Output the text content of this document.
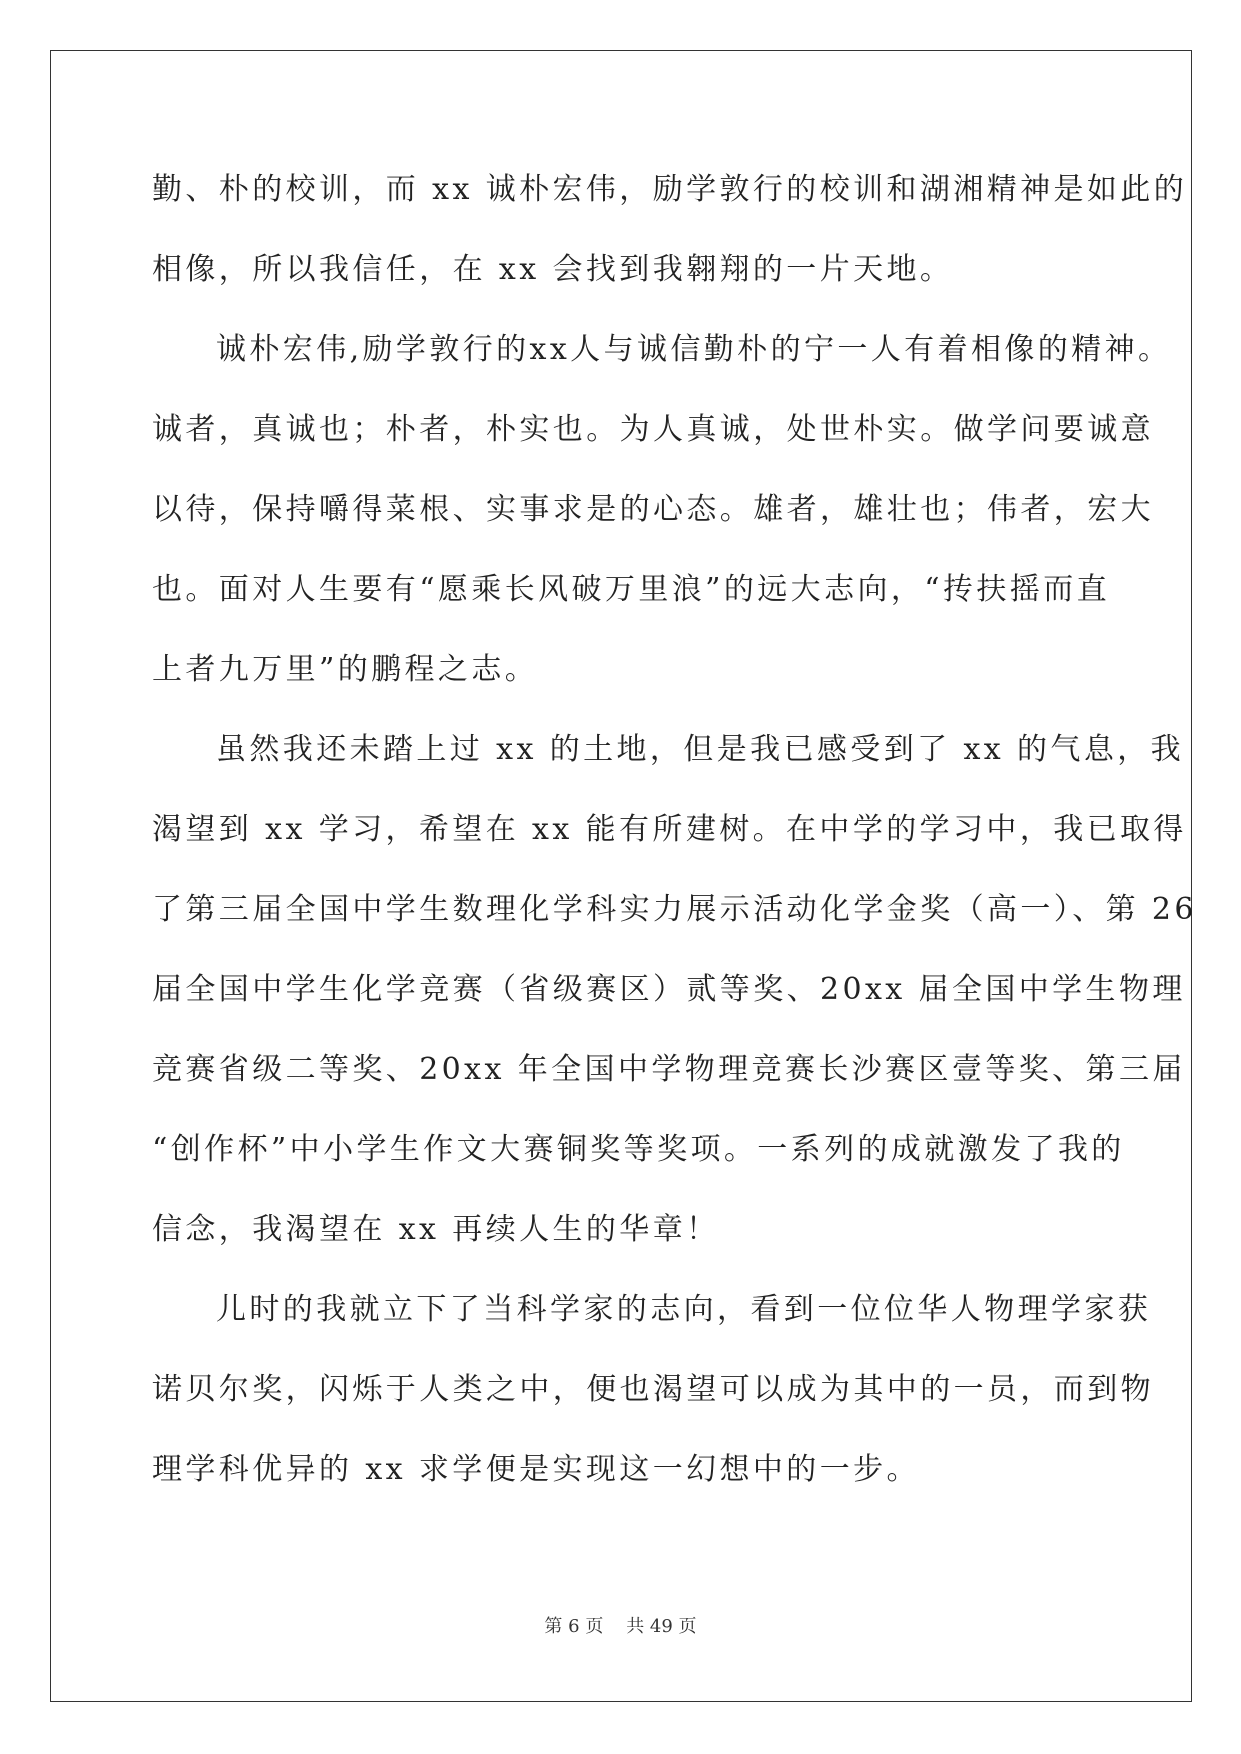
勤、朴的校训，而 xx 诚朴宏伟，励学敦行的校训和湖湘精神是如此的
相像，所以我信任，在 xx 会找到我翱翔的一片天地。
诚朴宏伟,励学敦行的xx人与诚信勤朴的宁一人有着相像的精神。
诚者，真诚也；朴者，朴实也。为人真诚，处世朴实。做学问要诚意
以待，保持嚼得菜根、实事求是的心态。雄者，雄壮也；伟者，宏大
也。面对人生要有“愿乘长风破万里浪”的远大志向，“抟扶摇而直
上者九万里”的鹏程之志。
虽然我还未踏上过 xx 的土地，但是我已感受到了 xx 的气息，我
渴望到 xx 学习，希望在 xx 能有所建树。在中学的学习中，我已取得
了第三届全国中学生数理化学科实力展示活动化学金奖（高一）、第 26
届全国中学生化学竞赛（省级赛区）贰等奖、20xx 届全国中学生物理
竞赛省级二等奖、20xx 年全国中学物理竞赛长沙赛区壹等奖、第三届
“创作杯”中小学生作文大赛铜奖等奖项。一系列的成就激发了我的
信念，我渴望在 xx 再续人生的华章！
儿时的我就立下了当科学家的志向，看到一位位华人物理学家获
诺贝尔奖，闪烁于人类之中，便也渴望可以成为其中的一员，而到物
理学科优异的 xx 求学便是实现这一幻想中的一步。
第 6 页    共 49 页
